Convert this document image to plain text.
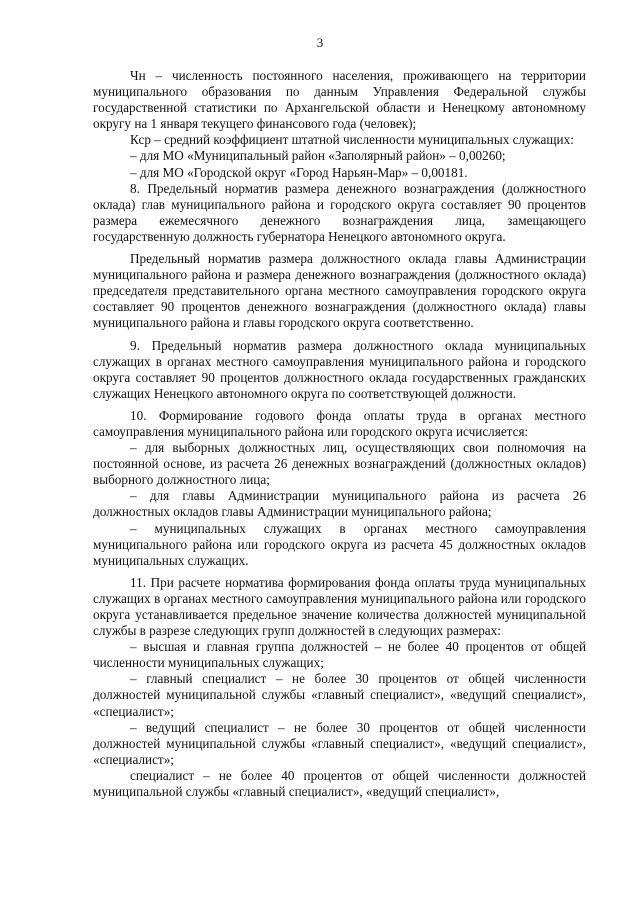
3

Чн – численность постоянного населения, проживающего на территории муниципального образования по данным Управления Федеральной службы государственной статистики по Архангельской области и Ненецкому автономному округу на 1 января текущего финансового года (человек);

Кср – средний коэффициент штатной численности муниципальных служащих:

– для МО «Муниципальный район «Заполярный район» – 0,00260;

– для МО «Городской округ «Город Нарьян-Мар» – 0,00181.

8. Предельный норматив размера денежного вознаграждения (должностного оклада) глав муниципального района и городского округа составляет 90 процентов размера ежемесячного денежного вознаграждения лица, замещающего государственную должность губернатора Ненецкого автономного округа.

Предельный норматив размера должностного оклада главы Администрации муниципального района и размера денежного вознаграждения (должностного оклада) председателя представительного органа местного самоуправления городского округа составляет 90 процентов денежного вознаграждения (должностного оклада) главы муниципального района и главы городского округа соответственно.

9. Предельный норматив размера должностного оклада муниципальных служащих в органах местного самоуправления муниципального района и городского округа составляет 90 процентов должностного оклада государственных гражданских служащих Ненецкого автономного округа по соответствующей должности.

10. Формирование годового фонда оплаты труда в органах местного самоуправления муниципального района или городского округа исчисляется:

– для выборных должностных лиц, осуществляющих свои полномочия на постоянной основе, из расчета 26 денежных вознаграждений (должностных окладов) выборного должностного лица;

– для главы Администрации муниципального района из расчета 26 должностных окладов главы Администрации муниципального района;

– муниципальных служащих в органах местного самоуправления муниципального района или городского округа из расчета 45 должностных окладов муниципальных служащих.

11. При расчете норматива формирования фонда оплаты труда муниципальных служащих в органах местного самоуправления муниципального района или городского округа устанавливается предельное значение количества должностей муниципальной службы в разрезе следующих групп должностей в следующих размерах:

– высшая и главная группа должностей – не более 40 процентов от общей численности муниципальных служащих;

– главный специалист – не более 30 процентов от общей численности должностей муниципальной службы «главный специалист», «ведущий специалист», «специалист»;

– ведущий специалист – не более 30 процентов от общей численности должностей муниципальной службы «главный специалист», «ведущий специалист», «специалист»;

специалист – не более 40 процентов от общей численности должностей муниципальной службы «главный специалист», «ведущий специалист»,
